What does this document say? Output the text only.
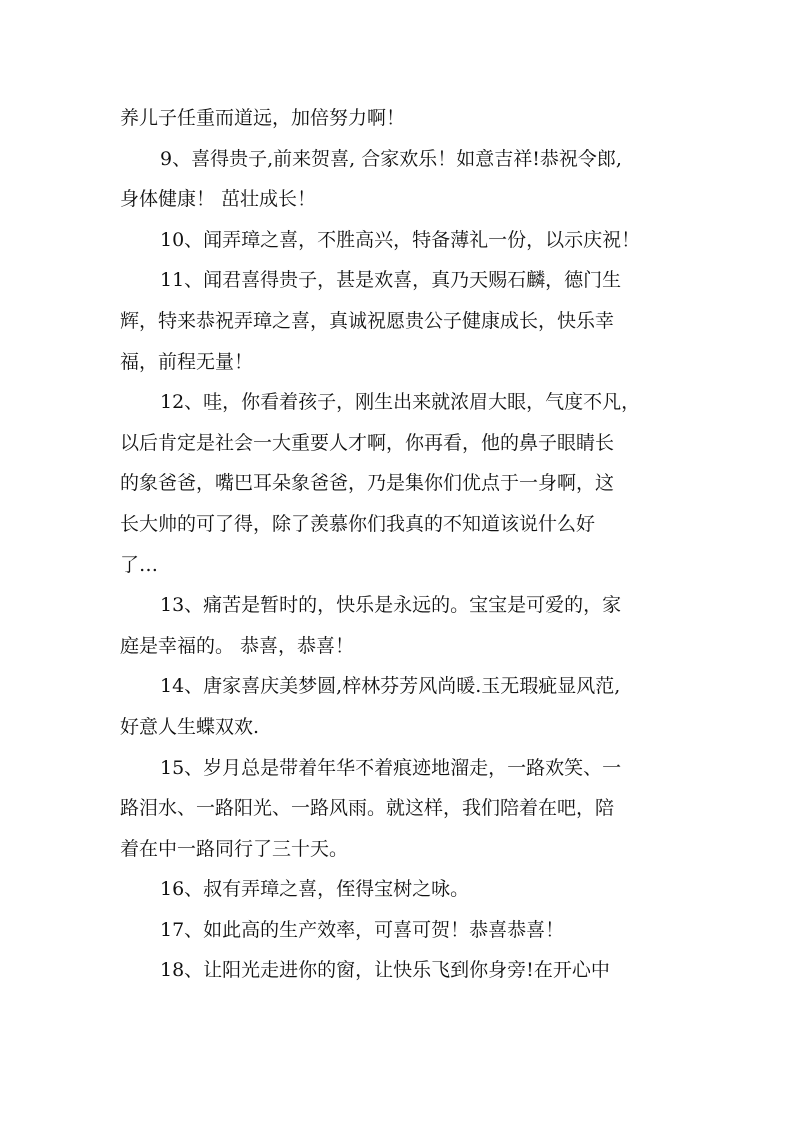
养儿子任重而道远，加倍努力啊！

9、喜得贵子,前来贺喜, 合家欢乐！如意吉祥!恭祝令郎,

身体健康！ 茁壮成长！

10、闻弄璋之喜，不胜高兴，特备薄礼一份，以示庆祝！

11、闻君喜得贵子，甚是欢喜，真乃天赐石麟，德门生

辉，特来恭祝弄璋之喜，真诚祝愿贵公子健康成长，快乐幸

福，前程无量！

12、哇，你看着孩子，刚生出来就浓眉大眼，气度不凡，

以后肯定是社会一大重要人才啊，你再看，他的鼻子眼睛长

的象爸爸，嘴巴耳朵象爸爸，乃是集你们优点于一身啊，这

长大帅的可了得，除了羡慕你们我真的不知道该说什么好

了…

13、痛苦是暂时的，快乐是永远的。宝宝是可爱的，家

庭是幸福的。 恭喜，恭喜！

14、唐家喜庆美梦圆,梓林芬芳风尚暖.玉无瑕疵显风范,

好意人生蝶双欢.

15、岁月总是带着年华不着痕迹地溜走，一路欢笑、一

路泪水、一路阳光、一路风雨。就这样，我们陪着在吧，陪

着在中一路同行了三十天。

16、叔有弄璋之喜，侄得宝树之咏。

17、如此高的生产效率，可喜可贺！恭喜恭喜！

18、让阳光走进你的窗，让快乐飞到你身旁!在开心中
